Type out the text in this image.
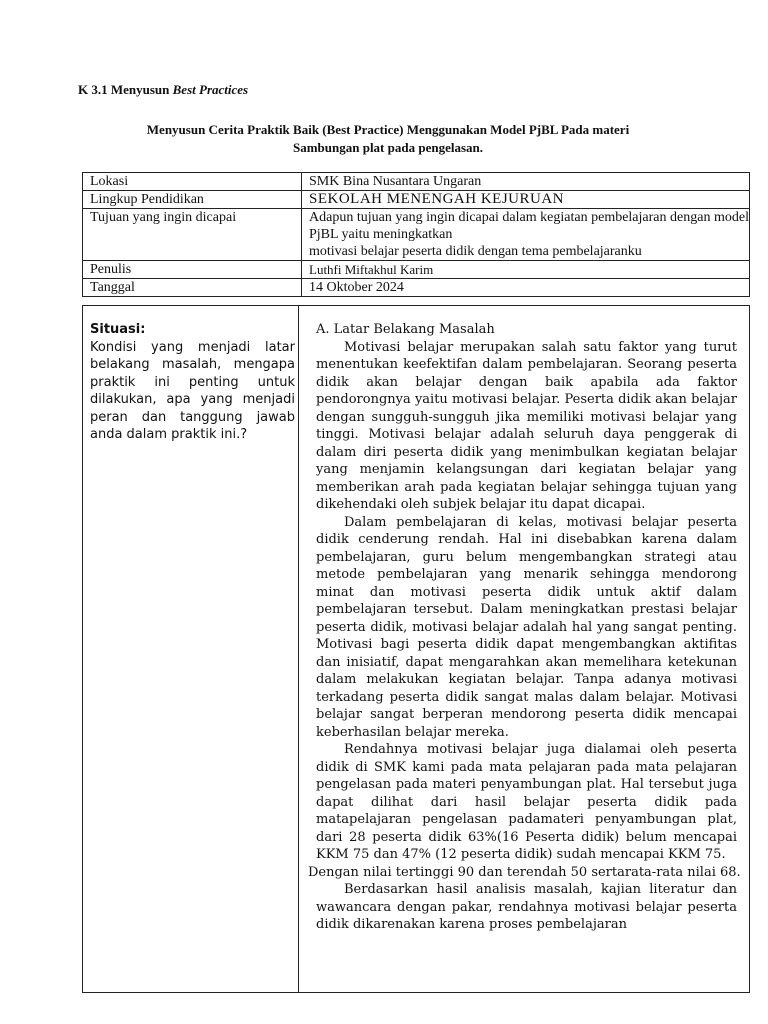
K 3.1 Menyusun Best Practices
Menyusun Cerita Praktik Baik (Best Practice) Menggunakan Model PjBL Pada materi
Sambungan plat pada pengelasan.
Lokasi	SMK Bina Nusantara Ungaran
Lingkup Pendidikan	SEKOLAH MENENGAH KEJURUAN
Tujuan yang ingin dicapai	Adapun tujuan yang ingin dicapai dalam kegiatan pembelajaran dengan model PjBL yaitu meningkatkan
motivasi belajar peserta didik dengan tema pembelajaranku

Penulis	Luthfi Miftakhul Karim
Tanggal	14 Oktober 2024
Situasi:
Kondisi yang menjadi latar belakang masalah, mengapa praktik ini penting untuk dilakukan, apa yang menjadi peran dan tanggung jawab anda dalam praktik ini.?

A. Latar Belakang Masalah

Motivasi belajar merupakan salah satu faktor yang turut menentukan keefektifan dalam pembelajaran. Seorang peserta didik akan belajar dengan baik apabila ada faktor pendorongnya yaitu motivasi belajar. Peserta didik akan belajar dengan sungguh-sungguh jika memiliki motivasi belajar yang tinggi. Motivasi belajar adalah seluruh daya penggerak di dalam diri peserta didik yang menimbulkan kegiatan belajar yang menjamin kelangsungan dari kegiatan belajar yang memberikan arah pada kegiatan belajar sehingga tujuan yang dikehendaki oleh subjek belajar itu dapat dicapai.

Dalam pembelajaran di kelas, motivasi belajar peserta didik cenderung rendah. Hal ini disebabkan karena dalam pembelajaran, guru belum mengembangkan strategi atau metode pembelajaran yang menarik sehingga mendorong minat dan motivasi peserta didik untuk aktif dalam pembelajaran tersebut. Dalam meningkatkan prestasi belajar peserta didik, motivasi belajar adalah hal yang sangat penting. Motivasi bagi peserta didik dapat mengembangkan aktifitas dan inisiatif, dapat mengarahkan akan memelihara ketekunan dalam melakukan kegiatan belajar. Tanpa adanya motivasi terkadang peserta didik sangat malas dalam belajar. Motivasi belajar sangat berperan mendorong peserta didik mencapai keberhasilan belajar mereka.

Rendahnya motivasi belajar juga dialamai oleh peserta didik di SMK kami pada mata pelajaran pada mata pelajaran pengelasan pada materi penyambungan plat. Hal tersebut juga dapat dilihat dari hasil belajar peserta didik pada matapelajaran pengelasan padamateri penyambungan plat, dari 28 peserta didik 63%(16 Peserta didik) belum mencapai KKM 75 dan 47% (12 peserta didik) sudah mencapai KKM 75.

Dengan nilai tertinggi 90 dan terendah 50 sertarata-rata nilai 68.

Berdasarkan hasil analisis masalah, kajian literatur dan wawancara dengan pakar, rendahnya motivasi belajar peserta didik dikarenakan karena proses pembelajaran
